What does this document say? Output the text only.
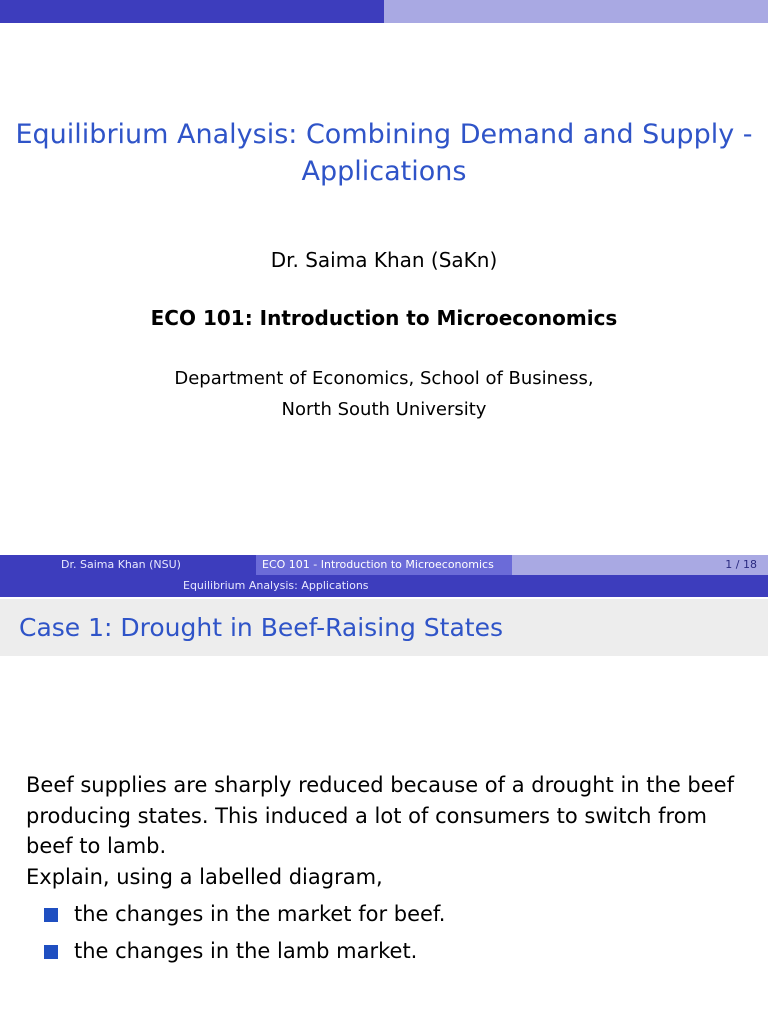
Equilibrium Analysis: Combining Demand and Supply -
Applications
Dr. Saima Khan (SaKn)
ECO 101: Introduction to Microeconomics
Department of Economics, School of Business,
North South University
Dr. Saima Khan (NSU)	ECO 101 - Introduction to Microeconomics	1 / 18
Equilibrium Analysis: Applications
Case 1: Drought in Beef-Raising States
Beef supplies are sharply reduced because of a drought in the beef
producing states. This induced a lot of consumers to switch from
beef to lamb.
Explain, using a labelled diagram,
the changes in the market for beef.
the changes in the lamb market.
